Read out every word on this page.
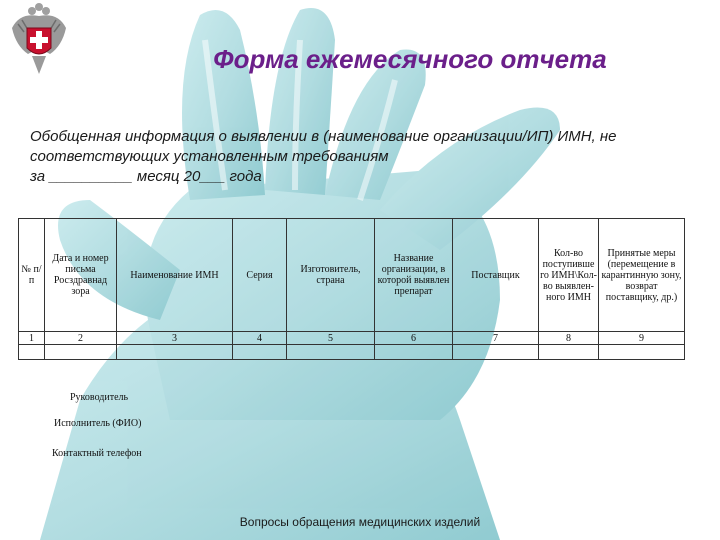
Форма ежемесячного отчета
Обобщенная информация о выявлении в (наименование организации/ИП) ИМН, не
соответствующих установленным требованиям
за __________ месяц 20___ года
№ п/п	Дата и номер письма Росздравнад зора	Наименование ИМН	Серия	Изготовитель, страна	Название организации, в которой выявлен препарат	Поставщик	Кол-во поступивше го ИМН\Кол-во выявлен-ного ИМН	Принятые меры (перемещение в карантинную зону, возврат поставщику, др.)
1	2	3	4	5	6	7	8	9

Руководитель
Исполнитель (ФИО)
Контактный телефон
Вопросы обращения медицинских изделий
